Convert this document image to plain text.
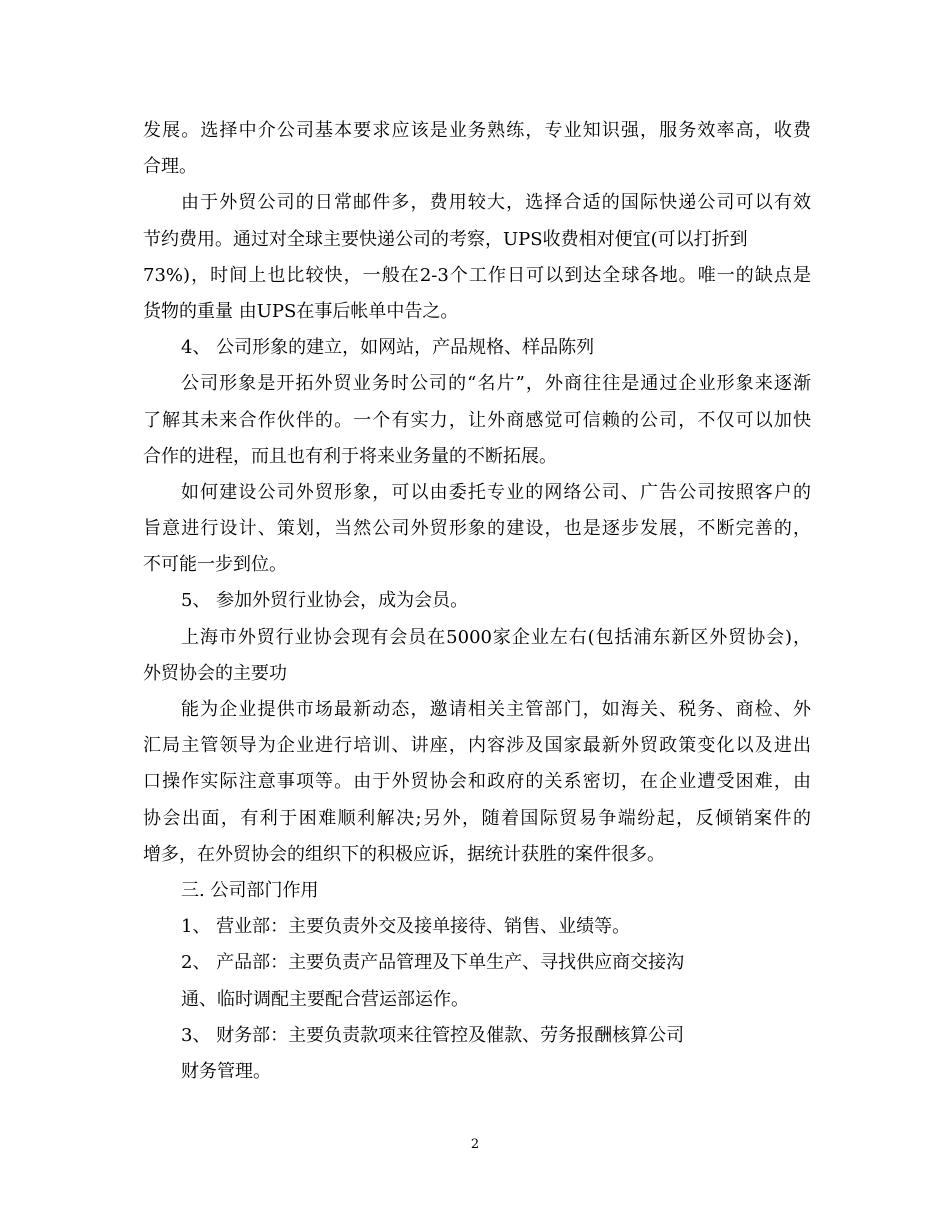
发展。选择中介公司基本要求应该是业务熟练，专业知识强，服务效率高，收费
合理。
由于外贸公司的日常邮件多，费用较大，选择合适的国际快递公司可以有效
节约费用。通过对全球主要快递公司的考察，UPS收费相对便宜(可以打折到
73%)，时间上也比较快，一般在2-3个工作日可以到达全球各地。唯一的缺点是
货物的重量 由UPS在事后帐单中告之。
4、 公司形象的建立，如网站，产品规格、样品陈列
公司形象是开拓外贸业务时公司的“名片”，外商往往是通过企业形象来逐渐
了解其未来合作伙伴的。一个有实力，让外商感觉可信赖的公司，不仅可以加快
合作的进程，而且也有利于将来业务量的不断拓展。
如何建设公司外贸形象，可以由委托专业的网络公司、广告公司按照客户的
旨意进行设计、策划，当然公司外贸形象的建设，也是逐步发展，不断完善的，
不可能一步到位。
5、 参加外贸行业协会，成为会员。
上海市外贸行业协会现有会员在5000家企业左右(包括浦东新区外贸协会)，
外贸协会的主要功
能为企业提供市场最新动态，邀请相关主管部门，如海关、税务、商检、外
汇局主管领导为企业进行培训、讲座，内容涉及国家最新外贸政策变化以及进出
口操作实际注意事项等。由于外贸协会和政府的关系密切，在企业遭受困难，由
协会出面，有利于困难顺利解决;另外，随着国际贸易争端纷起，反倾销案件的
增多，在外贸协会的组织下的积极应诉，据统计获胜的案件很多。
三. 公司部门作用
1、 营业部：主要负责外交及接单接待、销售、业绩等。
2、 产品部：主要负责产品管理及下单生产、寻找供应商交接沟
通、临时调配主要配合营运部运作。
3、 财务部：主要负责款项来往管控及催款、劳务报酬核算公司
财务管理。
2
